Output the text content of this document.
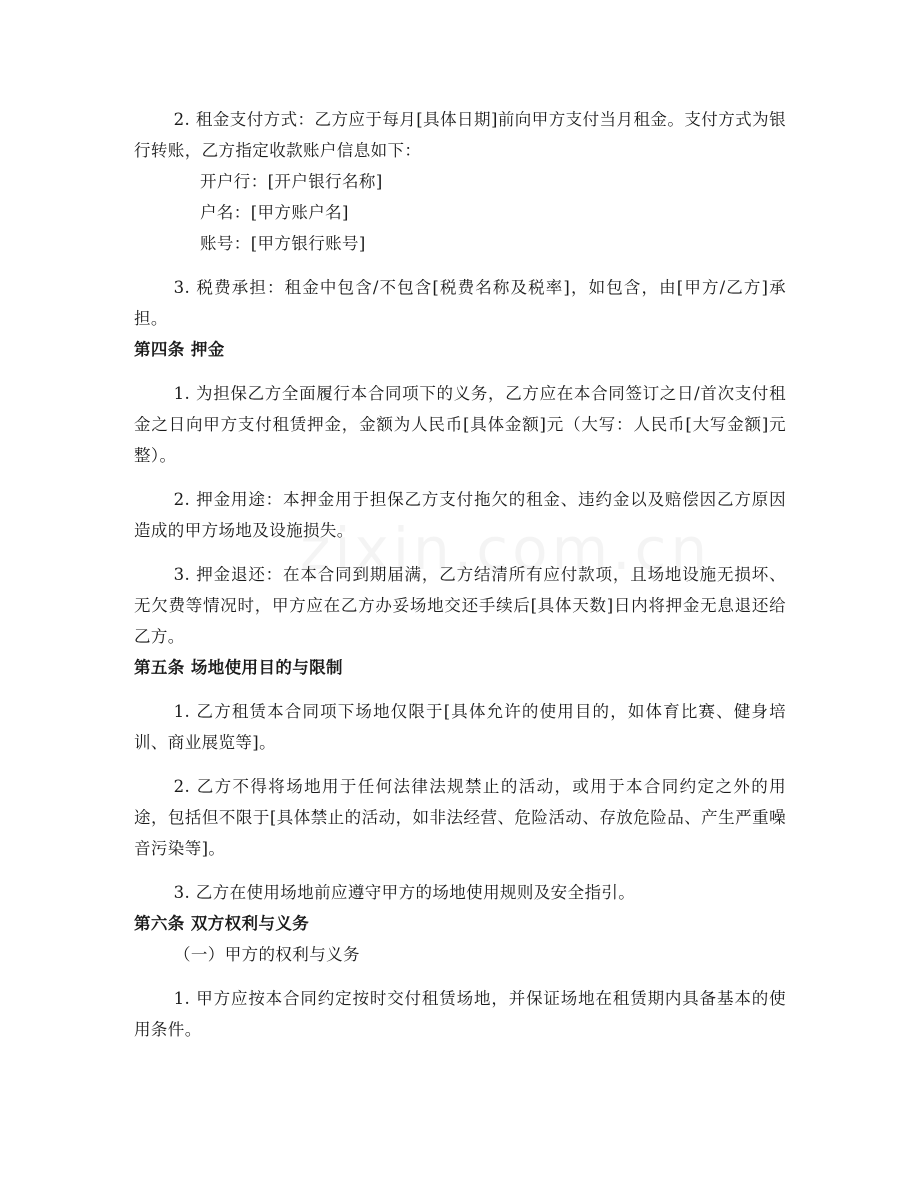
2. 租金支付方式：乙方应于每月[具体日期]前向甲方支付当月租金。支付方式为银行转账，乙方指定收款账户信息如下：

开户行：[开户银行名称]

户名：[甲方账户名]

账号：[甲方银行账号]

3. 税费承担：租金中包含/不包含[税费名称及税率]，如包含，由[甲方/乙方]承担。

第四条 押金

1. 为担保乙方全面履行本合同项下的义务，乙方应在本合同签订之日/首次支付租金之日向甲方支付租赁押金，金额为人民币[具体金额]元（大写：人民币[大写金额]元整）。

2. 押金用途：本押金用于担保乙方支付拖欠的租金、违约金以及赔偿因乙方原因造成的甲方场地及设施损失。

3. 押金退还：在本合同到期届满，乙方结清所有应付款项，且场地设施无损坏、无欠费等情况时，甲方应在乙方办妥场地交还手续后[具体天数]日内将押金无息退还给乙方。

第五条 场地使用目的与限制

1. 乙方租赁本合同项下场地仅限于[具体允许的使用目的，如体育比赛、健身培训、商业展览等]。

2. 乙方不得将场地用于任何法律法规禁止的活动，或用于本合同约定之外的用途，包括但不限于[具体禁止的活动，如非法经营、危险活动、存放危险品、产生严重噪音污染等]。

3. 乙方在使用场地前应遵守甲方的场地使用规则及安全指引。

第六条 双方权利与义务

（一）甲方的权利与义务

1. 甲方应按本合同约定按时交付租赁场地，并保证场地在租赁期内具备基本的使用条件。
